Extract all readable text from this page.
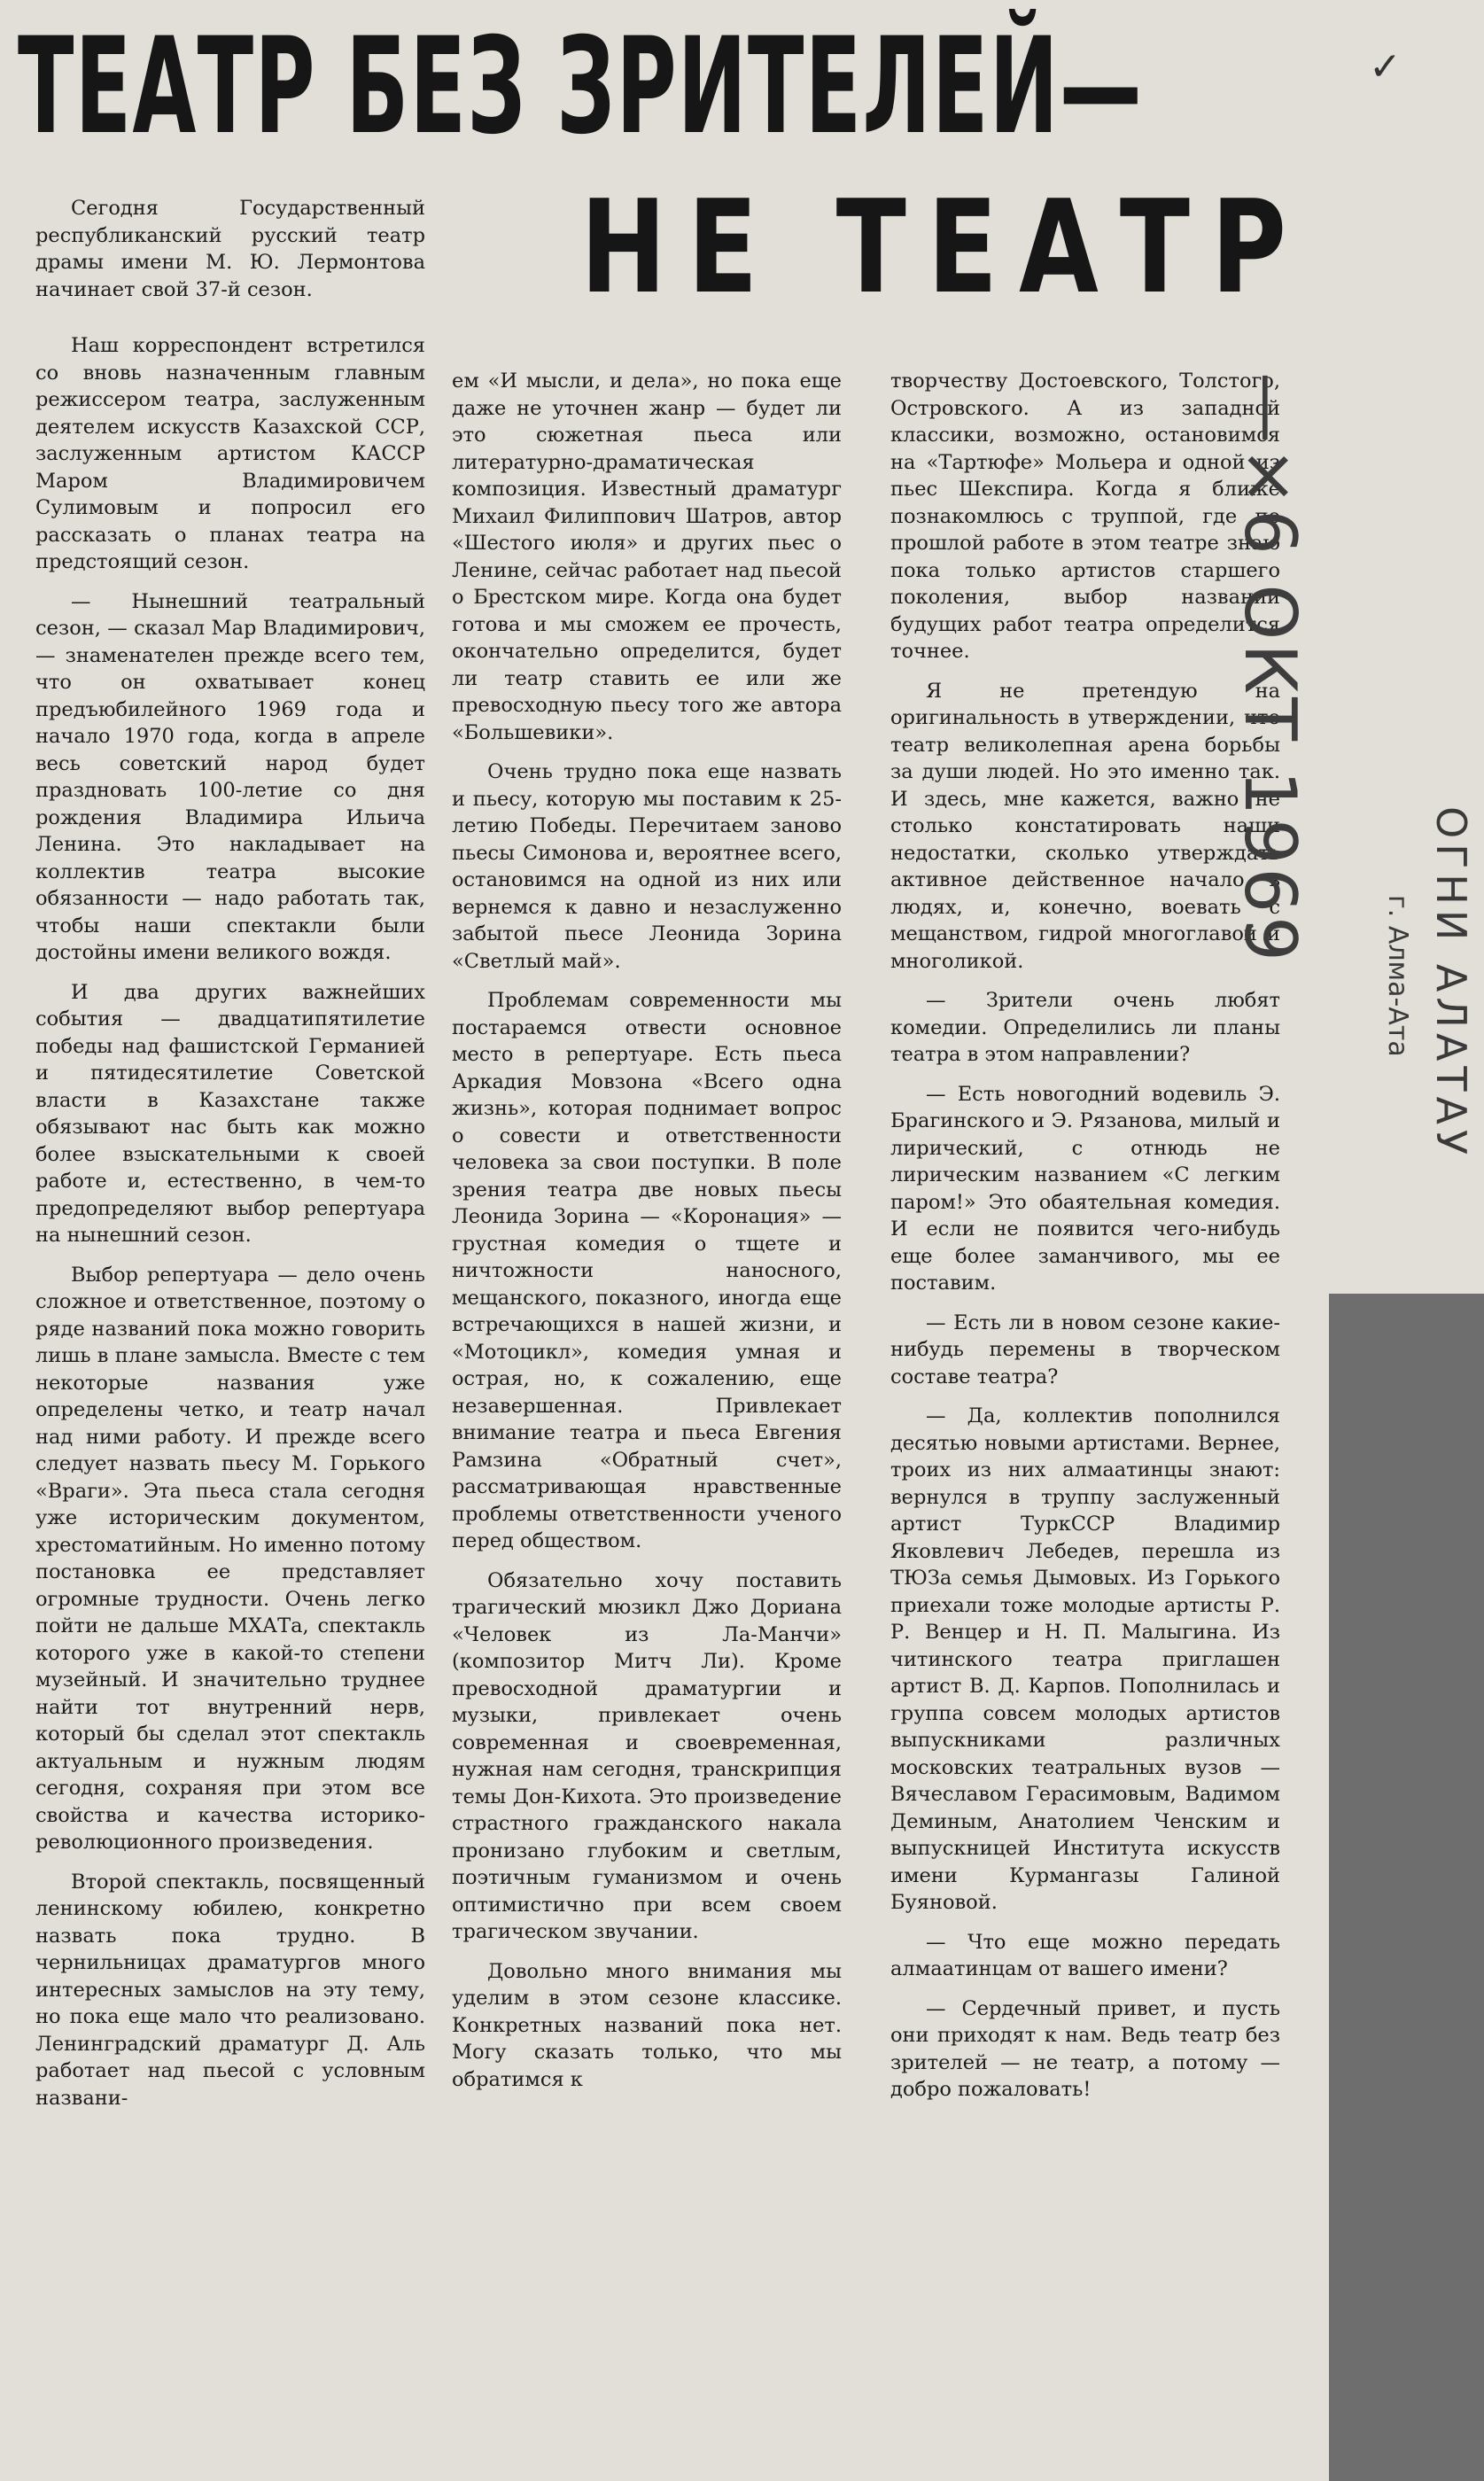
ТЕАТР БЕЗ ЗРИТЕЛЕЙ—
НЕ ТЕАТР
✓

Сегодня Государственный республиканский русский театр драмы имени М. Ю. Лермонтова начинает свой 37-й сезон.

Наш корреспондент встретился со вновь назначенным главным режиссером театра, заслуженным деятелем искусств Казахской ССР, заслуженным артистом КАССР Маром Владимировичем Сулимовым и попросил его рассказать о планах театра на предстоящий сезон.

— Нынешний театральный сезон, — сказал Мар Владимирович, — знаменателен прежде всего тем, что он охватывает конец предъюбилейного 1969 года и начало 1970 года, когда в апреле весь советский народ будет праздновать 100-летие со дня рождения Владимира Ильича Ленина. Это накладывает на коллектив театра высокие обязанности — надо работать так, чтобы наши спектакли были достойны имени великого вождя.

И два других важнейших события — двадцатипятилетие победы над фашистской Германией и пятидесятилетие Советской власти в Казахстане также обязывают нас быть как можно более взыскательными к своей работе и, естественно, в чем-то предопределяют выбор репертуара на нынешний сезон.

Выбор репертуара — дело очень сложное и ответственное, поэтому о ряде названий пока можно говорить лишь в плане замысла. Вместе с тем некоторые названия уже определены четко, и театр начал над ними работу. И прежде всего следует назвать пьесу М. Горького «Враги». Эта пьеса стала сегодня уже историческим документом, хрестоматийным. Но именно потому постановка ее представляет огромные трудности. Очень легко пойти не дальше МХАТа, спектакль которого уже в какой-то степени музейный. И значительно труднее найти тот внутренний нерв, который бы сделал этот спектакль актуальным и нужным людям сегодня, сохраняя при этом все свойства и качества историко-революционного произведения.

Второй спектакль, посвященный ленинскому юбилею, конкретно назвать пока трудно. В чернильницах драматургов много интересных замыслов на эту тему, но пока еще мало что реализовано. Ленинградский драматург Д. Аль работает над пьесой с условным названи-

ем «И мысли, и дела», но пока еще даже не уточнен жанр — будет ли это сюжетная пьеса или литературно-драматическая композиция. Известный драматург Михаил Филиппович Шатров, автор «Шестого июля» и других пьес о Ленине, сейчас работает над пьесой о Брестском мире. Когда она будет готова и мы сможем ее прочесть, окончательно определится, будет ли театр ставить ее или же превосходную пьесу того же автора «Большевики».

Очень трудно пока еще назвать и пьесу, которую мы поставим к 25-летию Победы. Перечитаем заново пьесы Симонова и, вероятнее всего, остановимся на одной из них или вернемся к давно и незаслуженно забытой пьесе Леонида Зорина «Светлый май».

Проблемам современности мы постараемся отвести основное место в репертуаре. Есть пьеса Аркадия Мовзона «Всего одна жизнь», которая поднимает вопрос о совести и ответственности человека за свои поступки. В поле зрения театра две новых пьесы Леонида Зорина — «Коронация» — грустная комедия о тщете и ничтожности наносного, мещанского, показного, иногда еще встречающихся в нашей жизни, и «Мотоцикл», комедия умная и острая, но, к сожалению, еще незавершенная. Привлекает внимание театра и пьеса Евгения Рамзина «Обратный счет», рассматривающая нравственные проблемы ответственности ученого перед обществом.

Обязательно хочу поставить трагический мюзикл Джо Дориана «Человек из Ла-Манчи» (композитор Митч Ли). Кроме превосходной драматургии и музыки, привлекает очень современная и своевременная, нужная нам сегодня, транскрипция темы Дон-Кихота. Это произведение страстного гражданского накала пронизано глубоким и светлым, поэтичным гуманизмом и очень оптимистично при всем своем трагическом звучании.

Довольно много внимания мы уделим в этом сезоне классике. Конкретных названий пока нет. Могу сказать только, что мы обратимся к

творчеству Достоевского, Толстого, Островского. А из западной классики, возможно, остановимся на «Тартюфе» Мольера и одной из пьес Шекспира. Когда я ближе познакомлюсь с труппой, где по прошлой работе в этом театре знаю пока только артистов старшего поколения, выбор названий будущих работ театра определится точнее.

Я не претендую на оригинальность в утверждении, что театр великолепная арена борьбы за души людей. Но это именно так. И здесь, мне кажется, важно не столько констатировать наши недостатки, сколько утверждать активное действенное начало в людях, и, конечно, воевать с мещанством, гидрой многоглавой и многоликой.

— Зрители очень любят комедии. Определились ли планы театра в этом направлении?

— Есть новогодний водевиль Э. Брагинского и Э. Рязанова, милый и лирический, с отнюдь не лирическим названием «С легким паром!» Это обаятельная комедия. И если не появится чего-нибудь еще более заманчивого, мы ее поставим.

— Есть ли в новом сезоне какие-нибудь перемены в творческом составе театра?

— Да, коллектив пополнился десятью новыми артистами. Вернее, троих из них алмаатинцы знают: вернулся в труппу заслуженный артист ТуркССР Владимир Яковлевич Лебедев, перешла из ТЮЗа семья Дымовых. Из Горького приехали тоже молодые артисты Р. Р. Венцер и Н. П. Малыгина. Из читинского театра приглашен артист В. Д. Карпов. Пополнилась и группа совсем молодых артистов выпускниками различных московских театральных вузов — Вячеславом Герасимовым, Вадимом Деминым, Анатолием Ченским и выпускницей Института искусств имени Курмангазы Галиной Буяновой.

— Что еще можно передать алмаатинцам от вашего имени?

— Сердечный привет, и пусть они приходят к нам. Ведь театр без зрителей — не театр, а потому — добро пожаловать!

—×6 ОКТ 1969
ОГНИ АЛАТАУ
г. Алма-Ата
